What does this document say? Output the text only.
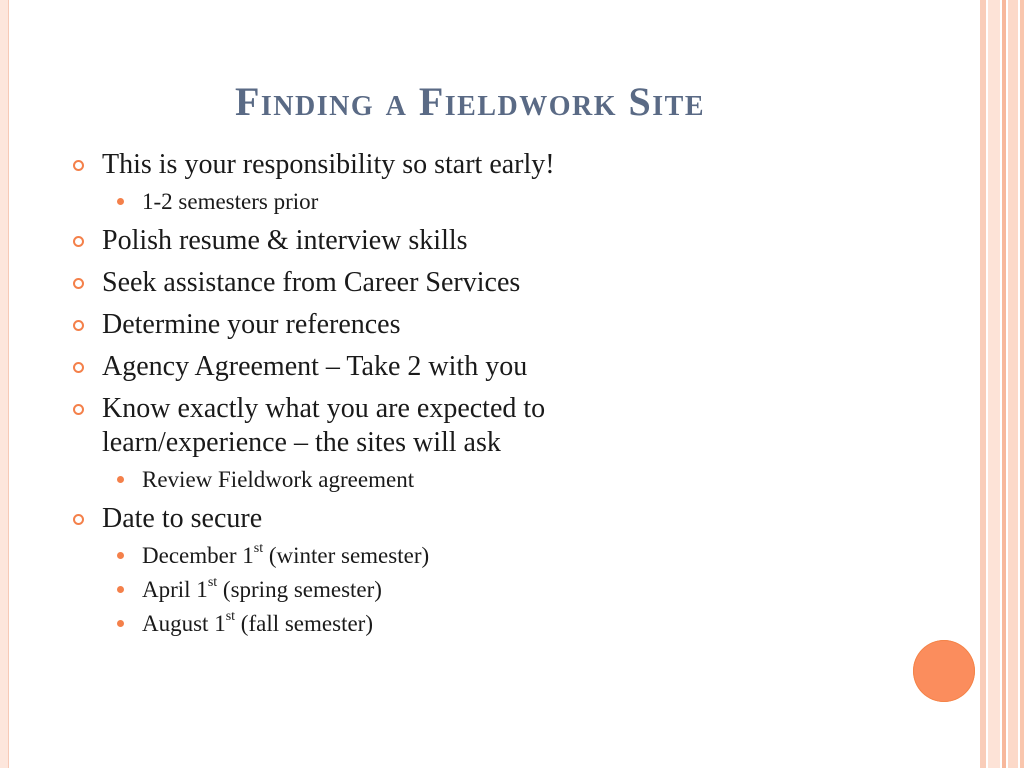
Finding a Fieldwork Site
This is your responsibility so start early!
1-2 semesters prior
Polish resume & interview skills
Seek assistance from Career Services
Determine your references
Agency Agreement – Take 2 with you
Know exactly what you are expected to
learn/experience – the sites will ask
Review Fieldwork agreement
Date to secure
December 1st (winter semester)
April 1st (spring semester)
August 1st (fall semester)
